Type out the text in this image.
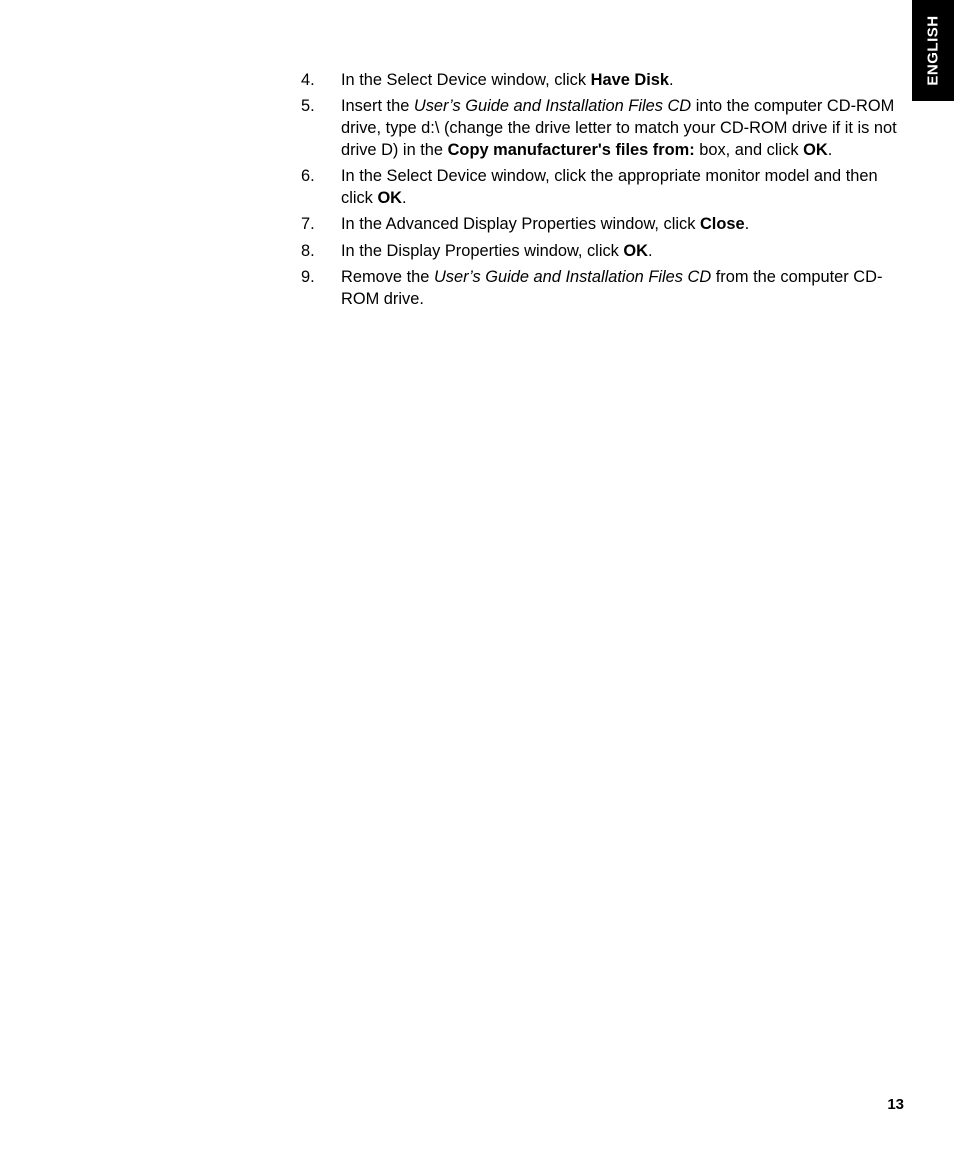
ENGLISH
4.	In the Select Device window, click Have Disk.
5.	Insert the User’s Guide and Installation Files CD into the computer CD-ROM drive, type d:\ (change the drive letter to match your CD-ROM drive if it is not drive D) in the Copy manufacturer's files from: box, and click OK.
6.	In the Select Device window, click the appropriate monitor model and then click OK.
7.	In the Advanced Display Properties window, click Close.
8.	In the Display Properties window, click OK.
9.	Remove the User’s Guide and Installation Files CD from the computer CD-ROM drive.
13
